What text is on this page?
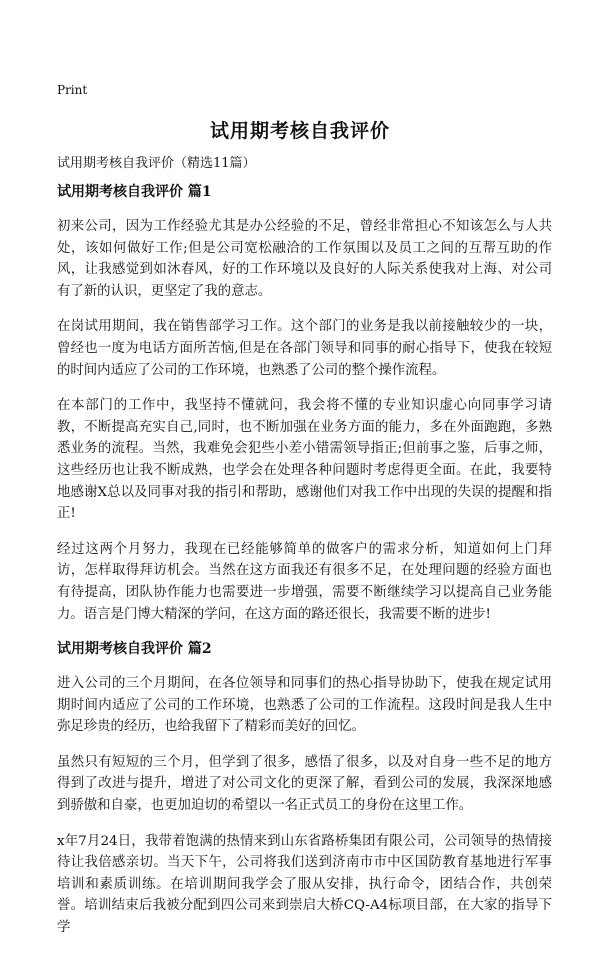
Print
试用期考核自我评价

试用期考核自我评价（精选11篇）

试用期考核自我评价 篇1

初来公司，因为工作经验尤其是办公经验的不足，曾经非常担心不知该怎么与人共处，该如何做好工作;但是公司宽松融洽的工作氛围以及员工之间的互帮互助的作风，让我感觉到如沐春风，好的工作环境以及良好的人际关系使我对上海、对公司有了新的认识，更坚定了我的意志。

在岗试用期间，我在销售部学习工作。这个部门的业务是我以前接触较少的一块，曾经也一度为电话方面所苦恼,但是在各部门领导和同事的耐心指导下，使我在较短的时间内适应了公司的工作环境，也熟悉了公司的整个操作流程。

在本部门的工作中，我坚持不懂就问，我会将不懂的专业知识虚心向同事学习请教，不断提高充实自己,同时，也不断加强在业务方面的能力，多在外面跑跑，多熟悉业务的流程。当然，我难免会犯些小差小错需领导指正;但前事之鉴，后事之师，这些经历也让我不断成熟，也学会在处理各种问题时考虑得更全面。在此，我要特地感谢X总以及同事对我的指引和帮助，感谢他们对我工作中出现的失误的提醒和指正!

经过这两个月努力，我现在已经能够简单的做客户的需求分析，知道如何上门拜访，怎样取得拜访机会。当然在这方面我还有很多不足，在处理问题的经验方面也有待提高，团队协作能力也需要进一步增强，需要不断继续学习以提高自己业务能力。语言是门博大精深的学问，在这方面的路还很长，我需要不断的进步!

试用期考核自我评价 篇2

进入公司的三个月期间，在各位领导和同事们的热心指导协助下，使我在规定试用期时间内适应了公司的工作环境，也熟悉了公司的工作流程。这段时间是我人生中弥足珍贵的经历，也给我留下了精彩而美好的回忆。

虽然只有短短的三个月，但学到了很多，感悟了很多，以及对自身一些不足的地方得到了改进与提升，增进了对公司文化的更深了解，看到公司的发展，我深深地感到骄傲和自豪，也更加迫切的希望以一名正式员工的身份在这里工作。

x年7月24日，我带着饱满的热情来到山东省路桥集团有限公司，公司领导的热情接待让我倍感亲切。当天下午，公司将我们送到济南市市中区国防教育基地进行军事培训和素质训练。在培训期间我学会了服从安排，执行命令，团结合作，共创荣誉。培训结束后我被分配到四公司来到崇启大桥CQ-A4标项目部，在大家的指导下学
